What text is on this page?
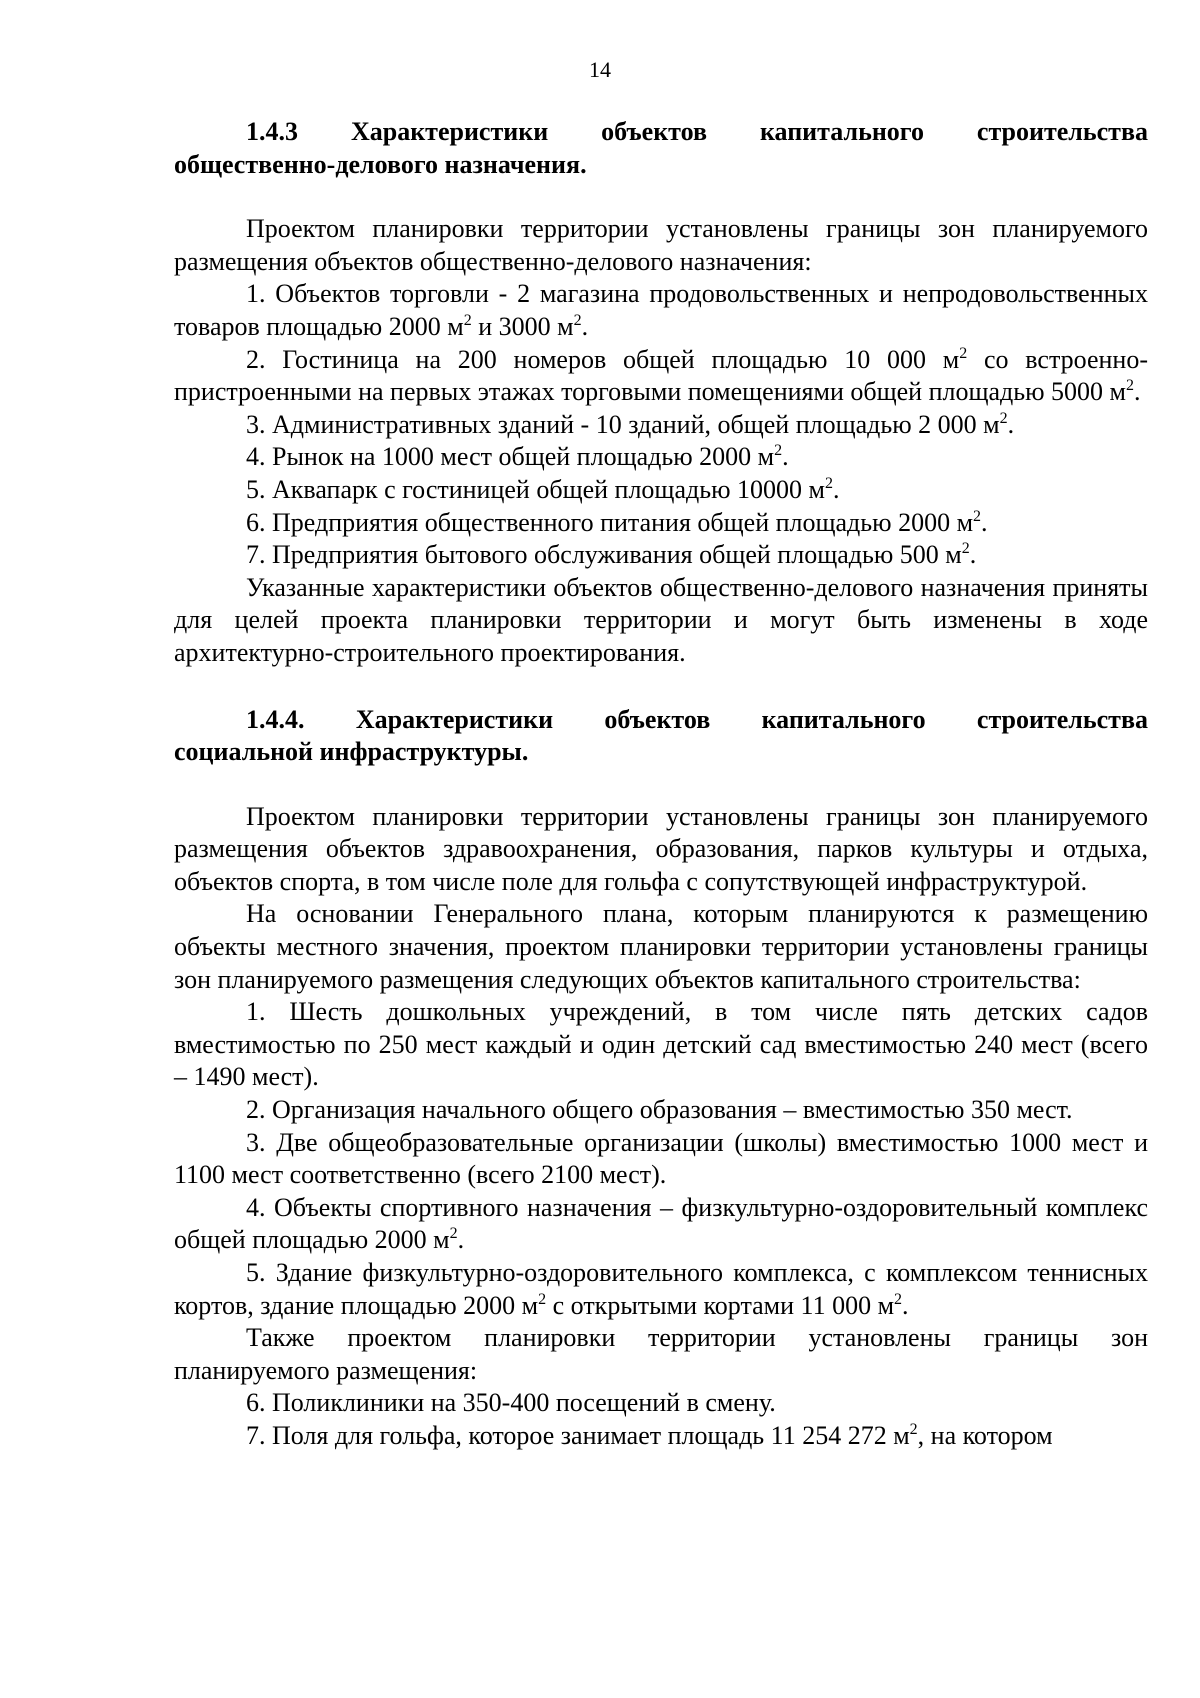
14
1.4.3 Характеристики объектов капитального строительства
общественно-делового назначения.

Проектом планировки территории установлены границы зон планируемого размещения объектов общественно-делового назначения:

1. Объектов торговли - 2 магазина продовольственных и непродовольственных товаров площадью 2000 $м^2$ и 3000 $м^2$.

2. Гостиница на 200 номеров общей площадью 10 000 $м^2$ со встроенно-пристроенными на первых этажах торговыми помещениями общей площадью 5000 $м^2$.

3. Административных зданий - 10 зданий, общей площадью 2 000 $м^2$.

4. Рынок на 1000 мест общей площадью 2000 $м^2$.

5. Аквапарк с гостиницей общей площадью 10000 $м^2$.

6. Предприятия общественного питания общей площадью 2000 $м^2$.

7. Предприятия бытового обслуживания общей площадью 500 $м^2$.

Указанные характеристики объектов общественно-делового назначения приняты для целей проекта планировки территории и могут быть изменены в ходе архитектурно-строительного проектирования.

1.4.4. Характеристики объектов капитального строительства
социальной инфраструктуры.

Проектом планировки территории установлены границы зон планируемого размещения объектов здравоохранения, образования, парков культуры и отдыха, объектов спорта, в том числе поле для гольфа с сопутствующей инфраструктурой.

На основании Генерального плана, которым планируются к размещению объекты местного значения, проектом планировки территории установлены границы зон планируемого размещения следующих объектов капитального строительства:

1. Шесть дошкольных учреждений, в том числе пять детских садов вместимостью по 250 мест каждый и один детский сад вместимостью 240 мест (всего – 1490 мест).

2. Организация начального общего образования – вместимостью 350 мест.

3. Две общеобразовательные организации (школы) вместимостью 1000 мест и 1100 мест соответственно (всего 2100 мест).

4. Объекты спортивного назначения – физкультурно-оздоровительный комплекс общей площадью 2000 $м^2$.

5. Здание физкультурно-оздоровительного комплекса, с комплексом теннисных кортов, здание площадью 2000 $м^2$ с открытыми кортами 11 000 $м^2$.

Также проектом планировки территории установлены границы зон планируемого размещения:

6. Поликлиники на 350-400 посещений в смену.

7. Поля для гольфа, которое занимает площадь 11 254 272 $м^2$, на котором
